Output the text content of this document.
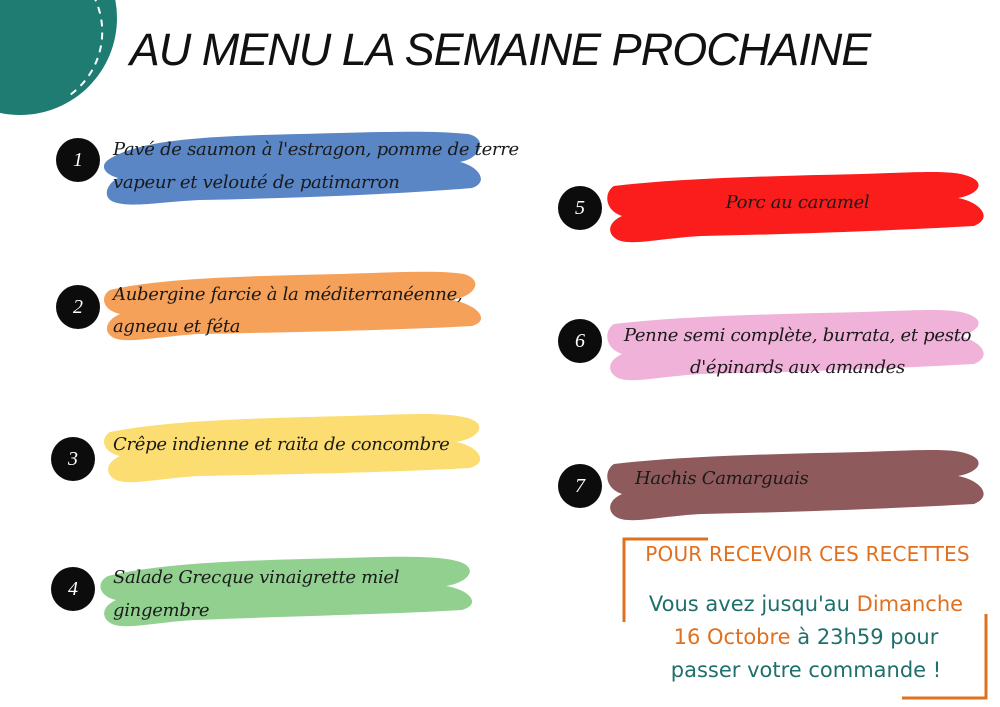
AU MENU LA SEMAINE PROCHAINE
1	Pavé de saumon à l'estragon, pomme de terre
vapeur et velouté de patimarron
2
Aubergine farcie à la méditerranéenne,
agneau et féta
3
Crêpe indienne et raïta de concombre
4
Salade Grecque vinaigrette miel
gingembre
5	Porc au caramel
6	Penne semi complète, burrata, et pesto
d'épinards aux amandes
7	Hachis Camarguais
POUR RECEVOIR CES RECETTES
Vous avez jusqu'au Dimanche
16 Octobre à 23h59 pour
passer votre commande !
